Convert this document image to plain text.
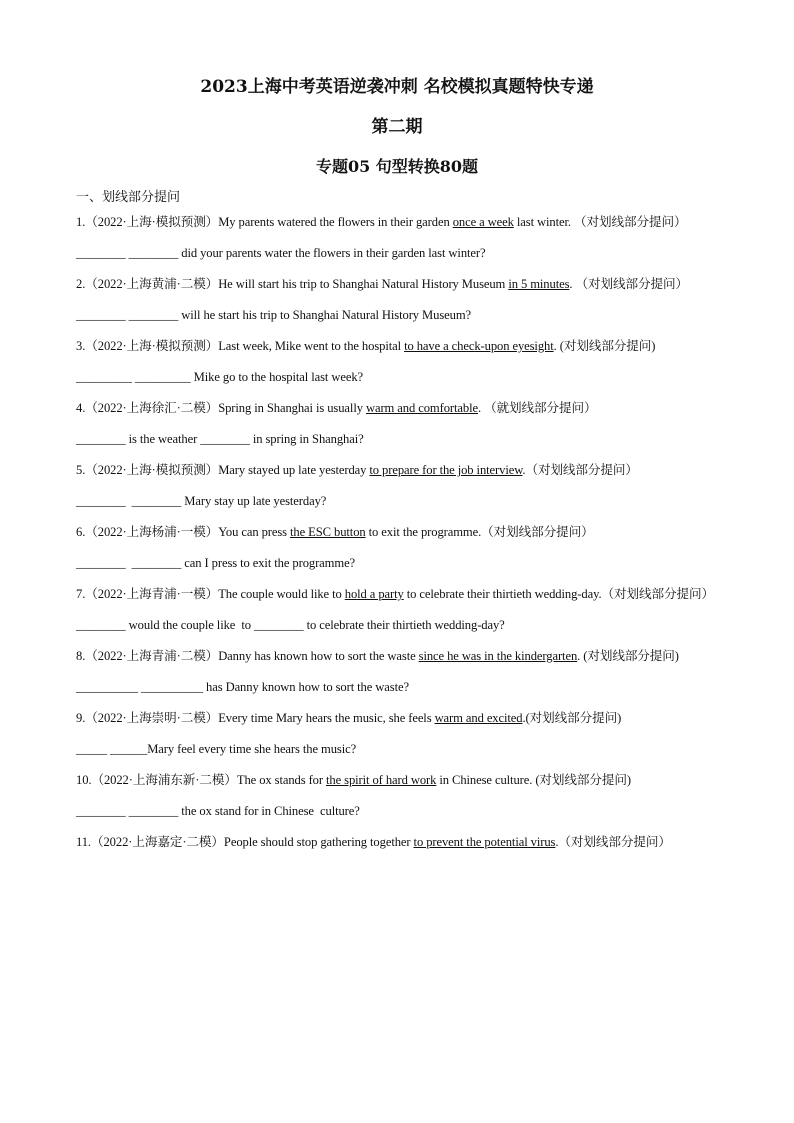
2023上海中考英语逆袭冲刺 名校模拟真题特快专递
第二期
专题05 句型转换80题
一、划线部分提问
1.（2022·上海·模拟预测）My parents watered the flowers in their garden once a week last winter. （对划线部分提问）
________ ________ did your parents water the flowers in their garden last winter?
2.（2022·上海黄浦·二模）He will start his trip to Shanghai Natural History Museum in 5 minutes. （对划线部分提问）
________ ________ will he start his trip to Shanghai Natural History Museum?
3.（2022·上海·模拟预测）Last week, Mike went to the hospital to have a check-upon eyesight. (对划线部分提问)
_________ _________ Mike go to the hospital last week?
4.（2022·上海徐汇·二模）Spring in Shanghai is usually warm and comfortable. （就划线部分提问）
________ is the weather ________ in spring in Shanghai?
5.（2022·上海·模拟预测）Mary stayed up late yesterday to prepare for the job interview.（对划线部分提问）
________  ________ Mary stay up late yesterday?
6.（2022·上海杨浦·一模）You can press the ESC button to exit the programme.（对划线部分提问）
________  ________ can I press to exit the programme?
7.（2022·上海青浦·一模）The couple would like to hold a party to celebrate their thirtieth wedding-day.（对划线部分提问）
________ would the couple like  to ________ to celebrate their thirtieth wedding-day?
8.（2022·上海青浦·二模）Danny has known how to sort the waste since he was in the kindergarten. (对划线部分提问)
__________ __________ has Danny known how to sort the waste?
9.（2022·上海崇明·二模）Every time Mary hears the music, she feels warm and excited.(对划线部分提问)
_____ ______Mary feel every time she hears the music?
10.（2022·上海浦东新·二模）The ox stands for the spirit of hard work in Chinese culture. (对划线部分提问)
________ ________ the ox stand for in Chinese  culture?
11.（2022·上海嘉定·二模）People should stop gathering together to prevent the potential virus.（对划线部分提问）
